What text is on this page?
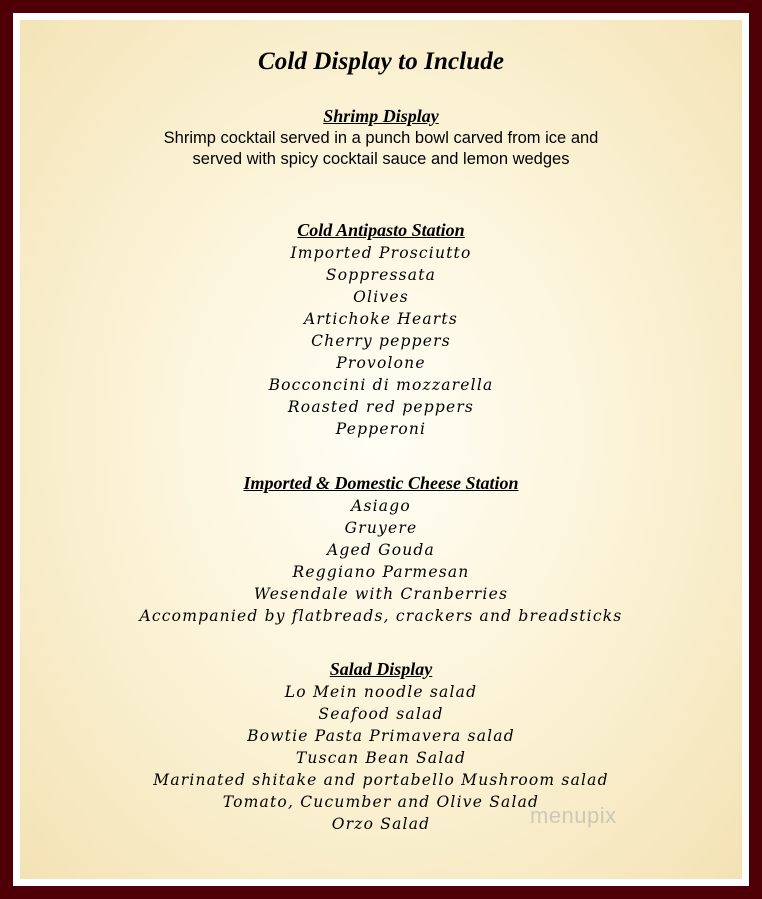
Cold Display to Include
Shrimp Display

Shrimp cocktail served in a punch bowl carved from ice and
served with spicy cocktail sauce and lemon wedges

Cold Antipasto Station
Imported Prosciutto
Soppressata
Olives
Artichoke Hearts
Cherry peppers
Provolone
Bocconcini di mozzarella
Roasted red peppers
Pepperoni
Imported & Domestic Cheese Station
Asiago
Gruyere
Aged Gouda
Reggiano Parmesan
Wesendale with Cranberries
Accompanied by flatbreads, crackers and breadsticks
Salad Display
Lo Mein noodle salad
Seafood salad
Bowtie Pasta Primavera salad
Tuscan Bean Salad
Marinated shitake and portabello Mushroom salad
Tomato, Cucumber and Olive Salad
Orzo Salad	menupix
